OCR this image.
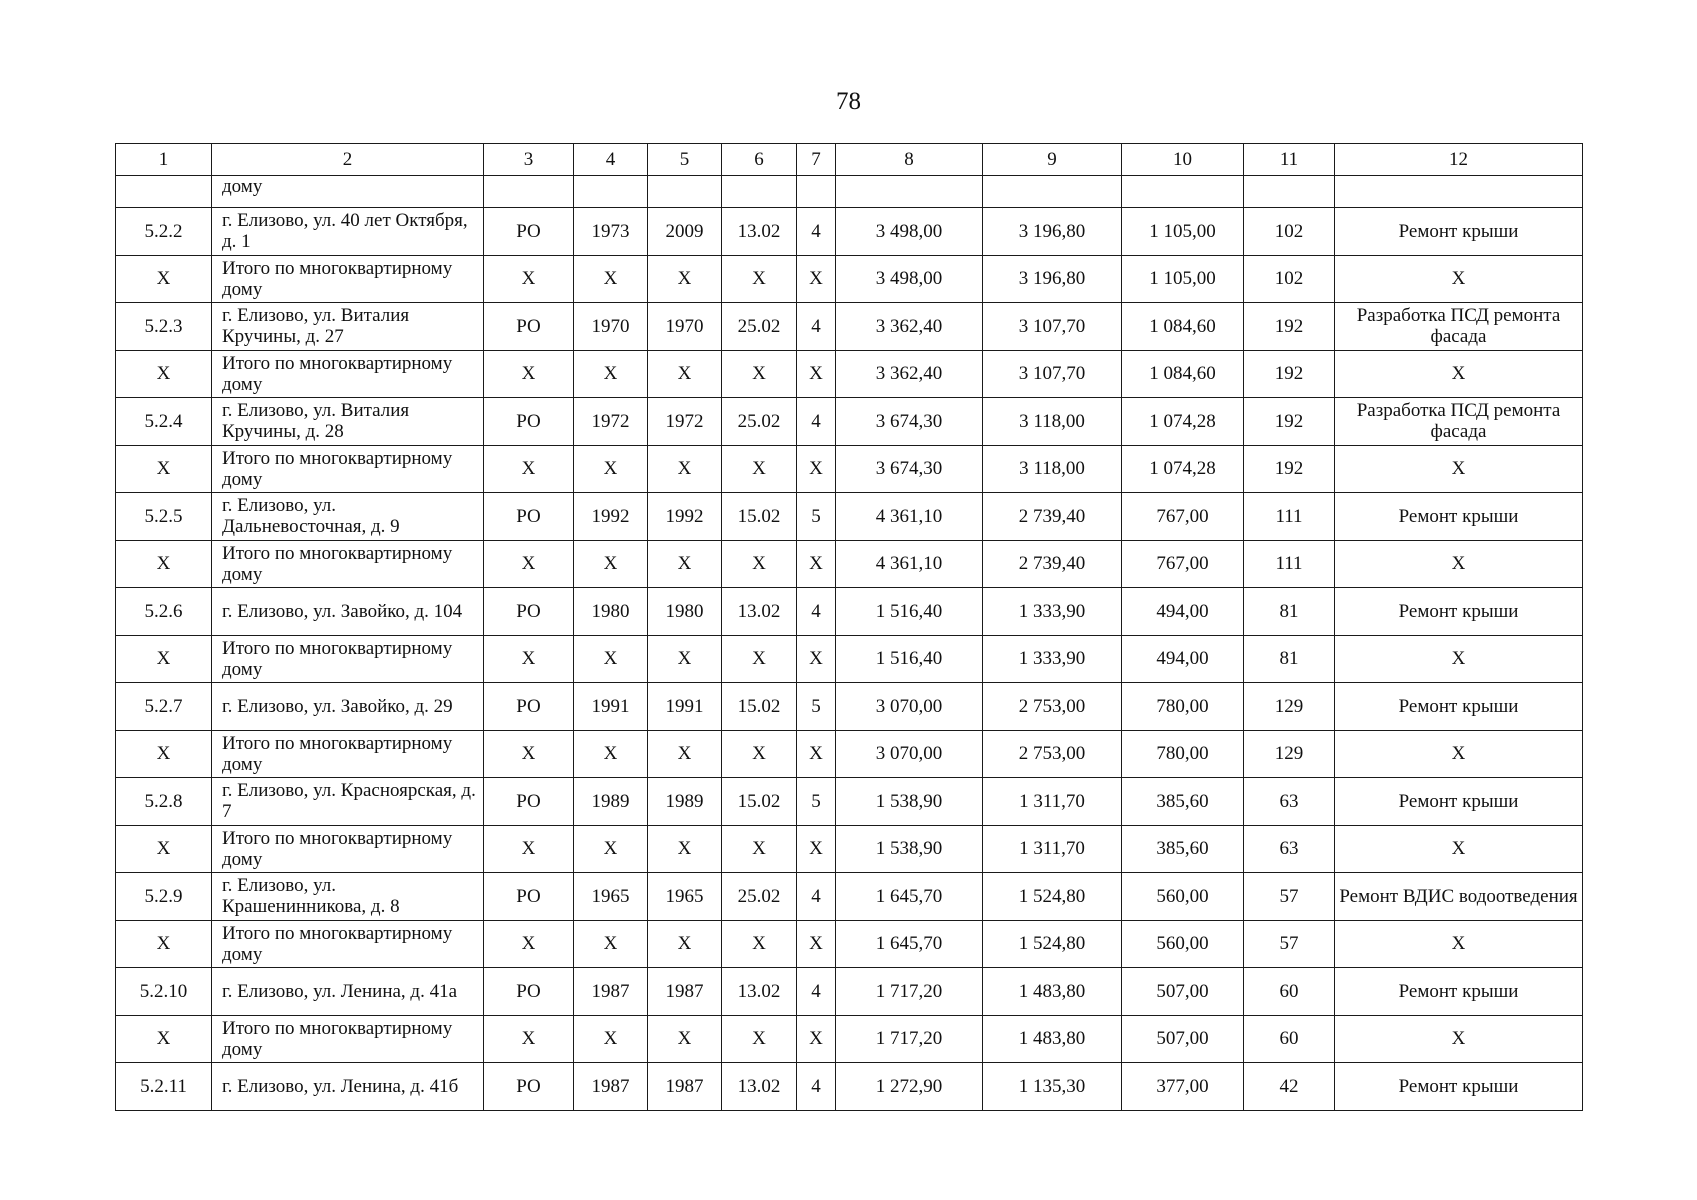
78
1	2	3	4	5	6	7	8	9	10	11	12
	дому										
5.2.2	г. Елизово, ул. 40 лет Октября, д. 1	РО	1973	2009	13.02	4	3 498,00	3 196,80	1 105,00	102	Ремонт крыши
Х	Итого по многоквартирному дому	Х	Х	Х	Х	Х	3 498,00	3 196,80	1 105,00	102	Х
5.2.3	г. Елизово, ул. Виталия Кручины, д. 27	РО	1970	1970	25.02	4	3 362,40	3 107,70	1 084,60	192	Разработка ПСД ремонта фасада
Х	Итого по многоквартирному дому	Х	Х	Х	Х	Х	3 362,40	3 107,70	1 084,60	192	Х
5.2.4	г. Елизово, ул. Виталия Кручины, д. 28	РО	1972	1972	25.02	4	3 674,30	3 118,00	1 074,28	192	Разработка ПСД ремонта фасада
Х	Итого по многоквартирному дому	Х	Х	Х	Х	Х	3 674,30	3 118,00	1 074,28	192	Х
5.2.5	г. Елизово, ул. Дальневосточная, д. 9	РО	1992	1992	15.02	5	4 361,10	2 739,40	767,00	111	Ремонт крыши
Х	Итого по многоквартирному дому	Х	Х	Х	Х	Х	4 361,10	2 739,40	767,00	111	Х
5.2.6	г. Елизово, ул. Завойко, д. 104	РО	1980	1980	13.02	4	1 516,40	1 333,90	494,00	81	Ремонт крыши
Х	Итого по многоквартирному дому	Х	Х	Х	Х	Х	1 516,40	1 333,90	494,00	81	Х
5.2.7	г. Елизово, ул. Завойко, д. 29	РО	1991	1991	15.02	5	3 070,00	2 753,00	780,00	129	Ремонт крыши
Х	Итого по многоквартирному дому	Х	Х	Х	Х	Х	3 070,00	2 753,00	780,00	129	Х
5.2.8	г. Елизово, ул. Красноярская, д. 7	РО	1989	1989	15.02	5	1 538,90	1 311,70	385,60	63	Ремонт крыши
Х	Итого по многоквартирному дому	Х	Х	Х	Х	Х	1 538,90	1 311,70	385,60	63	Х
5.2.9	г. Елизово, ул. Крашенинникова, д. 8	РО	1965	1965	25.02	4	1 645,70	1 524,80	560,00	57	Ремонт ВДИС водоотведения
Х	Итого по многоквартирному дому	Х	Х	Х	Х	Х	1 645,70	1 524,80	560,00	57	Х
5.2.10	г. Елизово, ул. Ленина, д. 41а	РО	1987	1987	13.02	4	1 717,20	1 483,80	507,00	60	Ремонт крыши
Х	Итого по многоквартирному дому	Х	Х	Х	Х	Х	1 717,20	1 483,80	507,00	60	Х
5.2.11	г. Елизово, ул. Ленина, д. 41б	РО	1987	1987	13.02	4	1 272,90	1 135,30	377,00	42	Ремонт крыши
